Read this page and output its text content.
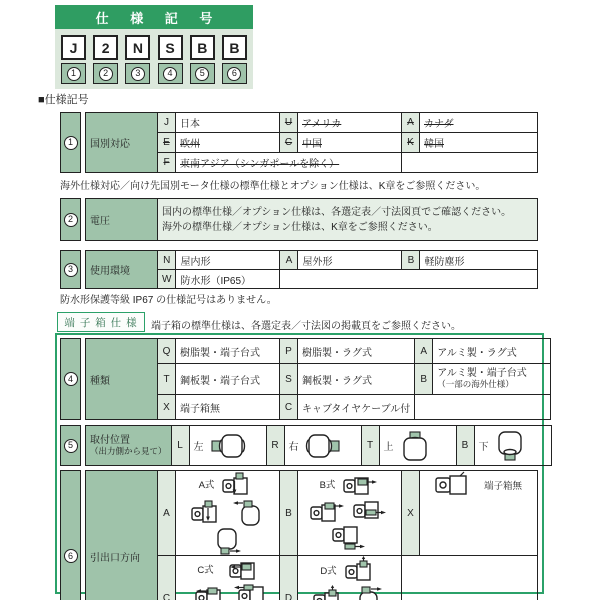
仕 様 記 号
J	2	N	S	B	B
1	2	3	4	5	6
■仕様記号
1	国別対応	J	日本	U	アメリカ	A	カナダ
	E	欧州	C	中国	K	韓国
	F	東南アジア（シンガポールを除く）				
海外仕様対応／向け先国別モータ仕様の標準仕様とオプション仕様は、K章をご参照ください。
2	電圧	
国内の標準仕様／オプション仕様は、各選定表／寸法図頁でご確認ください。
海外の標準仕様／オプション仕様は、K章をご参照ください。
3	使用環境	N	屋内形	A	屋外形	B	軽防塵形
	W	防水形（IP65）				
防水形保護等級 IP67 の仕様記号はありません。
端 子 箱 仕 様	端子箱の標準仕様は、各選定表／寸法図の掲載頁をご参照ください。
4	種類	Q	樹脂製・端子台式	P	樹脂製・ラグ式	A	アルミ製・ラグ式
	T	鋼板製・端子台式	S	鋼板製・ラグ式	B	アルミ製・端子台式
（一部の海外仕様）

	X	端子箱無	C	キャブタイヤケーブル付		
5	取付位置
（出力側から見て）	L	左	R	右	T	上	B	下
6	引出口方向	A	A式	B	B式	X	端子箱無

	C	C式	D	D式		
